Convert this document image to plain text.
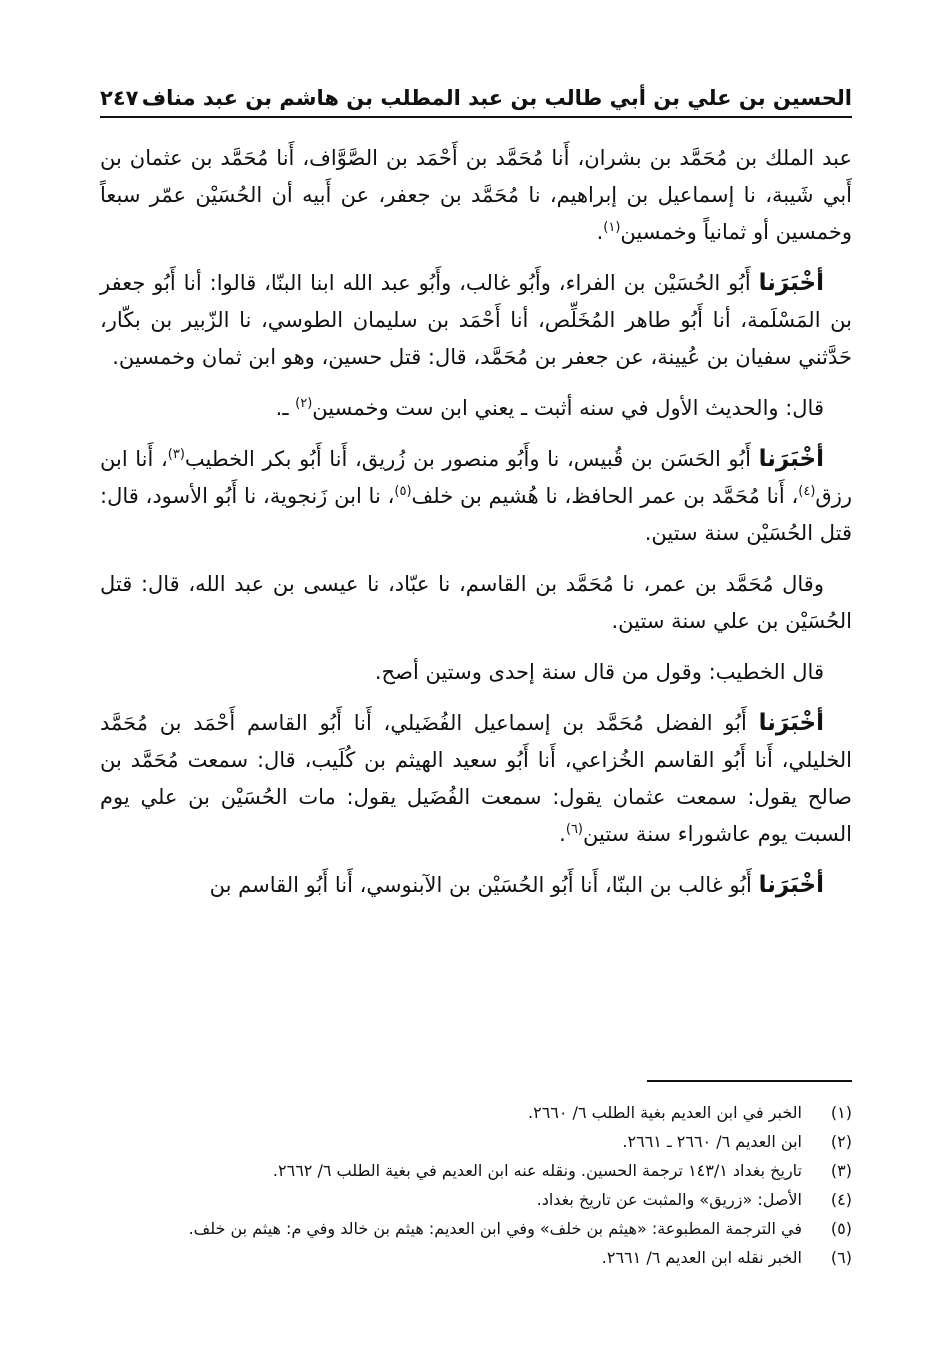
الحسين بن علي بن أبي طالب بن عبد المطلب بن هاشم بن عبد مناف
٢٤٧

عبد الملك بن مُحَمَّد بن بشران، أَنا مُحَمَّد بن أَحْمَد بن الصَّوَّاف، أَنا مُحَمَّد بن عثمان بن أَبي شَيبة، نا إسماعيل بن إبراهيم، نا مُحَمَّد بن جعفر، عن أَبيه أن الحُسَيْن عمّر سبعاً وخمسين أو ثمانياً وخمسين$^{(١)}$.

أخْبَرَنا أَبُو الحُسَيْن بن الفراء، وأَبُو غالب، وأَبُو عبد الله ابنا البنّا، قالوا: أنا أَبُو جعفر بن المَسْلَمة، أنا أَبُو طاهر المُخَلِّص، أنا أَحْمَد بن سليمان الطوسي، نا الزّبير بن بكّار، حَدَّثني سفيان بن عُيينة، عن جعفر بن مُحَمَّد، قال: قتل حسين، وهو ابن ثمان وخمسين.

قال: والحديث الأول في سنه أثبت ـ يعني ابن ست وخمسين$^{(٢)}$ ـ.

أخْبَرَنا أَبُو الحَسَن بن قُبيس، نا وأَبُو منصور بن زُريق، أَنا أَبُو بكر الخطيب$^{(٣)}$، أَنا ابن رزق$^{(٤)}$، أَنا مُحَمَّد بن عمر الحافظ، نا هُشيم بن خلف$^{(٥)}$، نا ابن زَنجوية، نا أَبُو الأسود، قال: قتل الحُسَيْن سنة ستين.

وقال مُحَمَّد بن عمر، نا مُحَمَّد بن القاسم، نا عبّاد، نا عيسى بن عبد الله، قال: قتل الحُسَيْن بن علي سنة ستين.

قال الخطيب: وقول من قال سنة إحدى وستين أصح.

أخْبَرَنا أَبُو الفضل مُحَمَّد بن إسماعيل الفُضَيلي، أَنا أَبُو القاسم أَحْمَد بن مُحَمَّد الخليلي، أَنا أَبُو القاسم الخُزاعي، أَنا أَبُو سعيد الهيثم بن كُلَيب، قال: سمعت مُحَمَّد بن صالح يقول: سمعت عثمان يقول: سمعت الفُضَيل يقول: مات الحُسَيْن بن علي يوم السبت يوم عاشوراء سنة ستين$^{(٦)}$.

أخْبَرَنا أَبُو غالب بن البنّا، أَنا أَبُو الحُسَيْن بن الآبنوسي، أَنا أَبُو القاسم بن

(١)
الخبر في ابن العديم بغية الطلب ٦/ ٢٦٦٠.
(٢)
ابن العديم ٦/ ٢٦٦٠ ـ ٢٦٦١.
(٣)
تاريخ بغداد ١٤٣/١ ترجمة الحسين. ونقله عنه ابن العديم في بغية الطلب ٦/ ٢٦٦٢.
(٤)
الأصل: «زريق» والمثبت عن تاريخ بغداد.
(٥)
في الترجمة المطبوعة: «هيثم بن خلف» وفي ابن العديم: هيثم بن خالد وفي م: هيثم بن خلف.
(٦)
الخبر نقله ابن العديم ٦/ ٢٦٦١.
